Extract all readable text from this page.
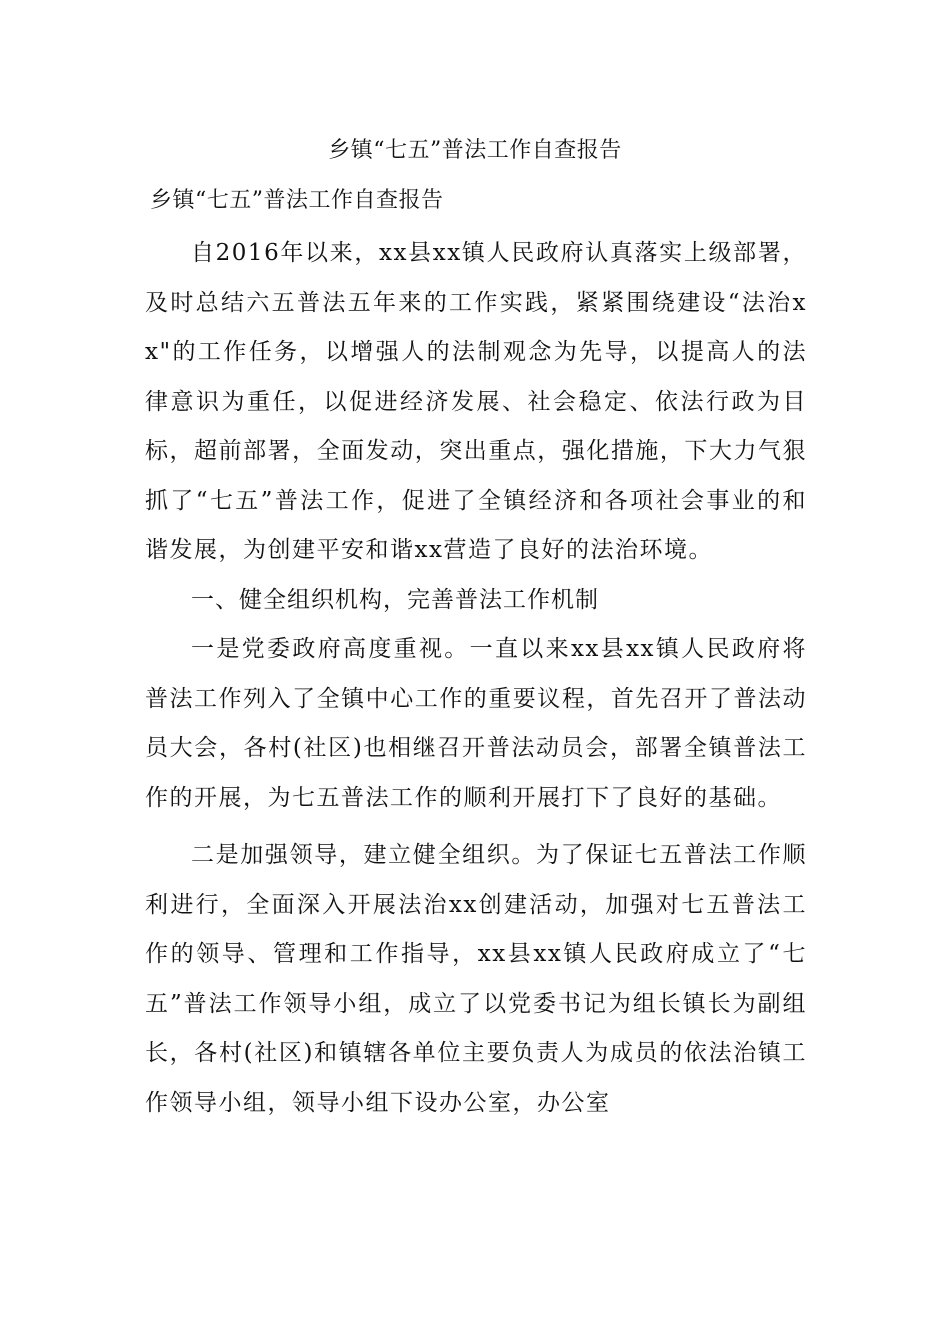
乡镇“七五”普法工作自查报告
乡镇“七五”普法工作自查报告

自2016年以来，xx县xx镇人民政府认真落实上级部署，及时总结六五普法五年来的工作实践，紧紧围绕建设“法治xx"的工作任务，以增强人的法制观念为先导，以提高人的法律意识为重任，以促进经济发展、社会稳定、依法行政为目标，超前部署，全面发动，突出重点，强化措施，下大力气狠抓了“七五”普法工作，促进了全镇经济和各项社会事业的和谐发展，为创建平安和谐xx营造了良好的法治环境。

一、健全组织机构，完善普法工作机制

一是党委政府高度重视。一直以来xx县xx镇人民政府将普法工作列入了全镇中心工作的重要议程，首先召开了普法动员大会，各村(社区)也相继召开普法动员会，部署全镇普法工作的开展，为七五普法工作的顺利开展打下了良好的基础。

二是加强领导，建立健全组织。为了保证七五普法工作顺利进行，全面深入开展法治xx创建活动，加强对七五普法工作的领导、管理和工作指导，xx县xx镇人民政府成立了“七五”普法工作领导小组，成立了以党委书记为组长镇长为副组长，各村(社区)和镇辖各单位主要负责人为成员的依法治镇工作领导小组，领导小组下设办公室，办公室
